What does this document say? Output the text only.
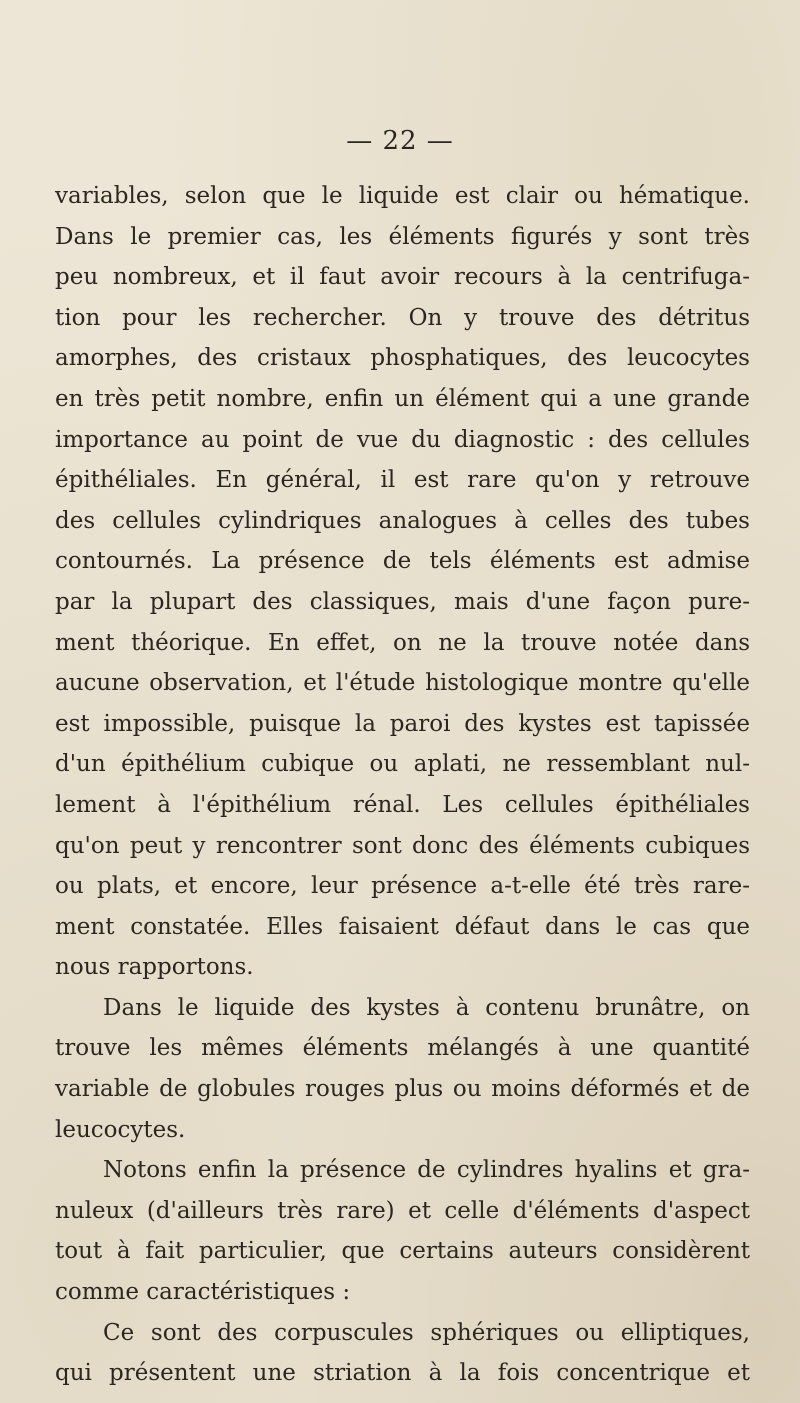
— 22 —
variables, selon que le liquide est clair ou hématique.
Dans le premier cas, les éléments figurés y sont très
peu nombreux, et il faut avoir recours à la centrifuga-
tion pour les rechercher. On y trouve des détritus
amorphes, des cristaux phosphatiques, des leucocytes
en très petit nombre, enfin un élément qui a une grande
importance au point de vue du diagnostic : des cellules
épithéliales. En général, il est rare qu'on y retrouve
des cellules cylindriques analogues à celles des tubes
contournés. La présence de tels éléments est admise
par la plupart des classiques, mais d'une façon pure-
ment théorique. En effet, on ne la trouve notée dans
aucune observation, et l'étude histologique montre qu'elle
est impossible, puisque la paroi des kystes est tapissée
d'un épithélium cubique ou aplati, ne ressemblant nul-
lement à l'épithélium rénal. Les cellules épithéliales
qu'on peut y rencontrer sont donc des éléments cubiques
ou plats, et encore, leur présence a-t-elle été très rare-
ment constatée. Elles faisaient défaut dans le cas que
nous rapportons.
Dans le liquide des kystes à contenu brunâtre, on
trouve les mêmes éléments mélangés à une quantité
variable de globules rouges plus ou moins déformés et de
leucocytes.
Notons enfin la présence de cylindres hyalins et gra-
nuleux (d'ailleurs très rare) et celle d'éléments d'aspect
tout à fait particulier, que certains auteurs considèrent
comme caractéristiques :
Ce sont des corpuscules sphériques ou elliptiques,
qui présentent une striation à la fois concentrique et
